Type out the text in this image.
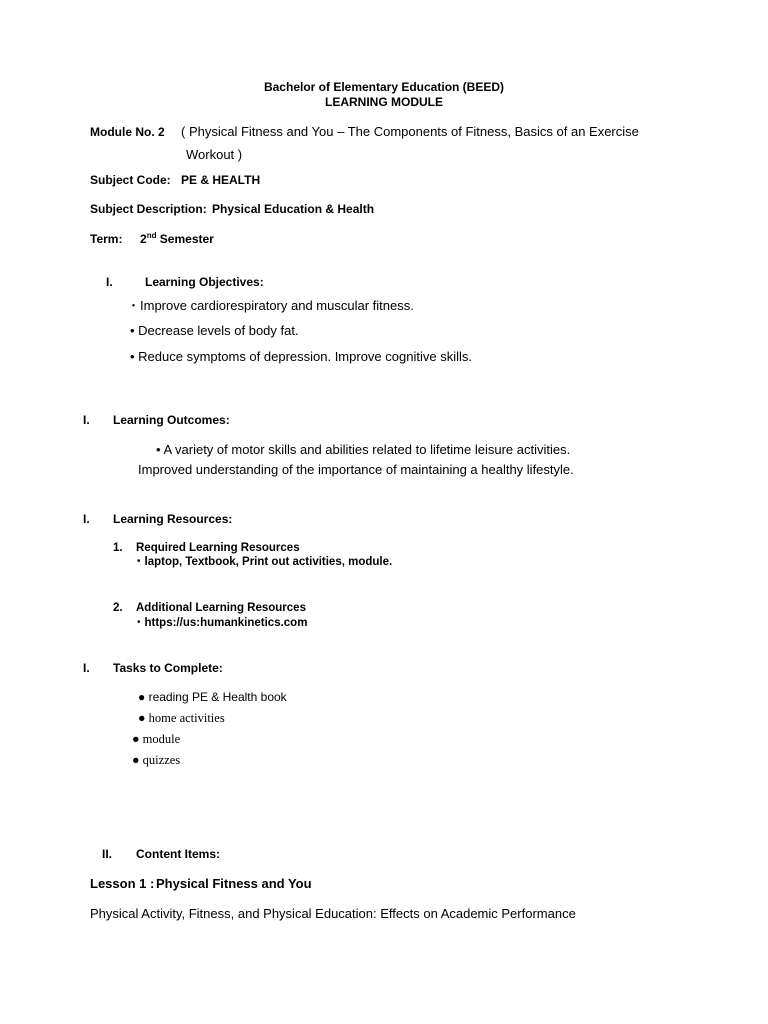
Bachelor of Elementary Education (BEED)
LEARNING MODULE
Module No. 2 ( Physical Fitness and You – The Components of Fitness, Basics of an Exercise
Workout )
Subject Code: PE & HEALTH
Subject Description: Physical Education & Health
Term: 2nd Semester
I.	Learning Objectives:
・Improve cardiorespiratory and muscular fitness.
• Decrease levels of body fat.
• Reduce symptoms of depression. Improve cognitive skills.
I. Learning Outcomes:
• A variety of motor skills and abilities related to lifetime leisure activities.
Improved understanding of the importance of maintaining a healthy lifestyle.
I. Learning Resources:
1. Required Learning Resources
・laptop, Textbook, Print out activities, module.
2. Additional Learning Resources
・https://us:humankinetics.com
I. Tasks to Complete:
● reading PE & Health book
● home activities
● module
● quizzes
II. Content Items:
Lesson 1 : Physical Fitness and You
Physical Activity, Fitness, and Physical Education: Effects on Academic Performance
